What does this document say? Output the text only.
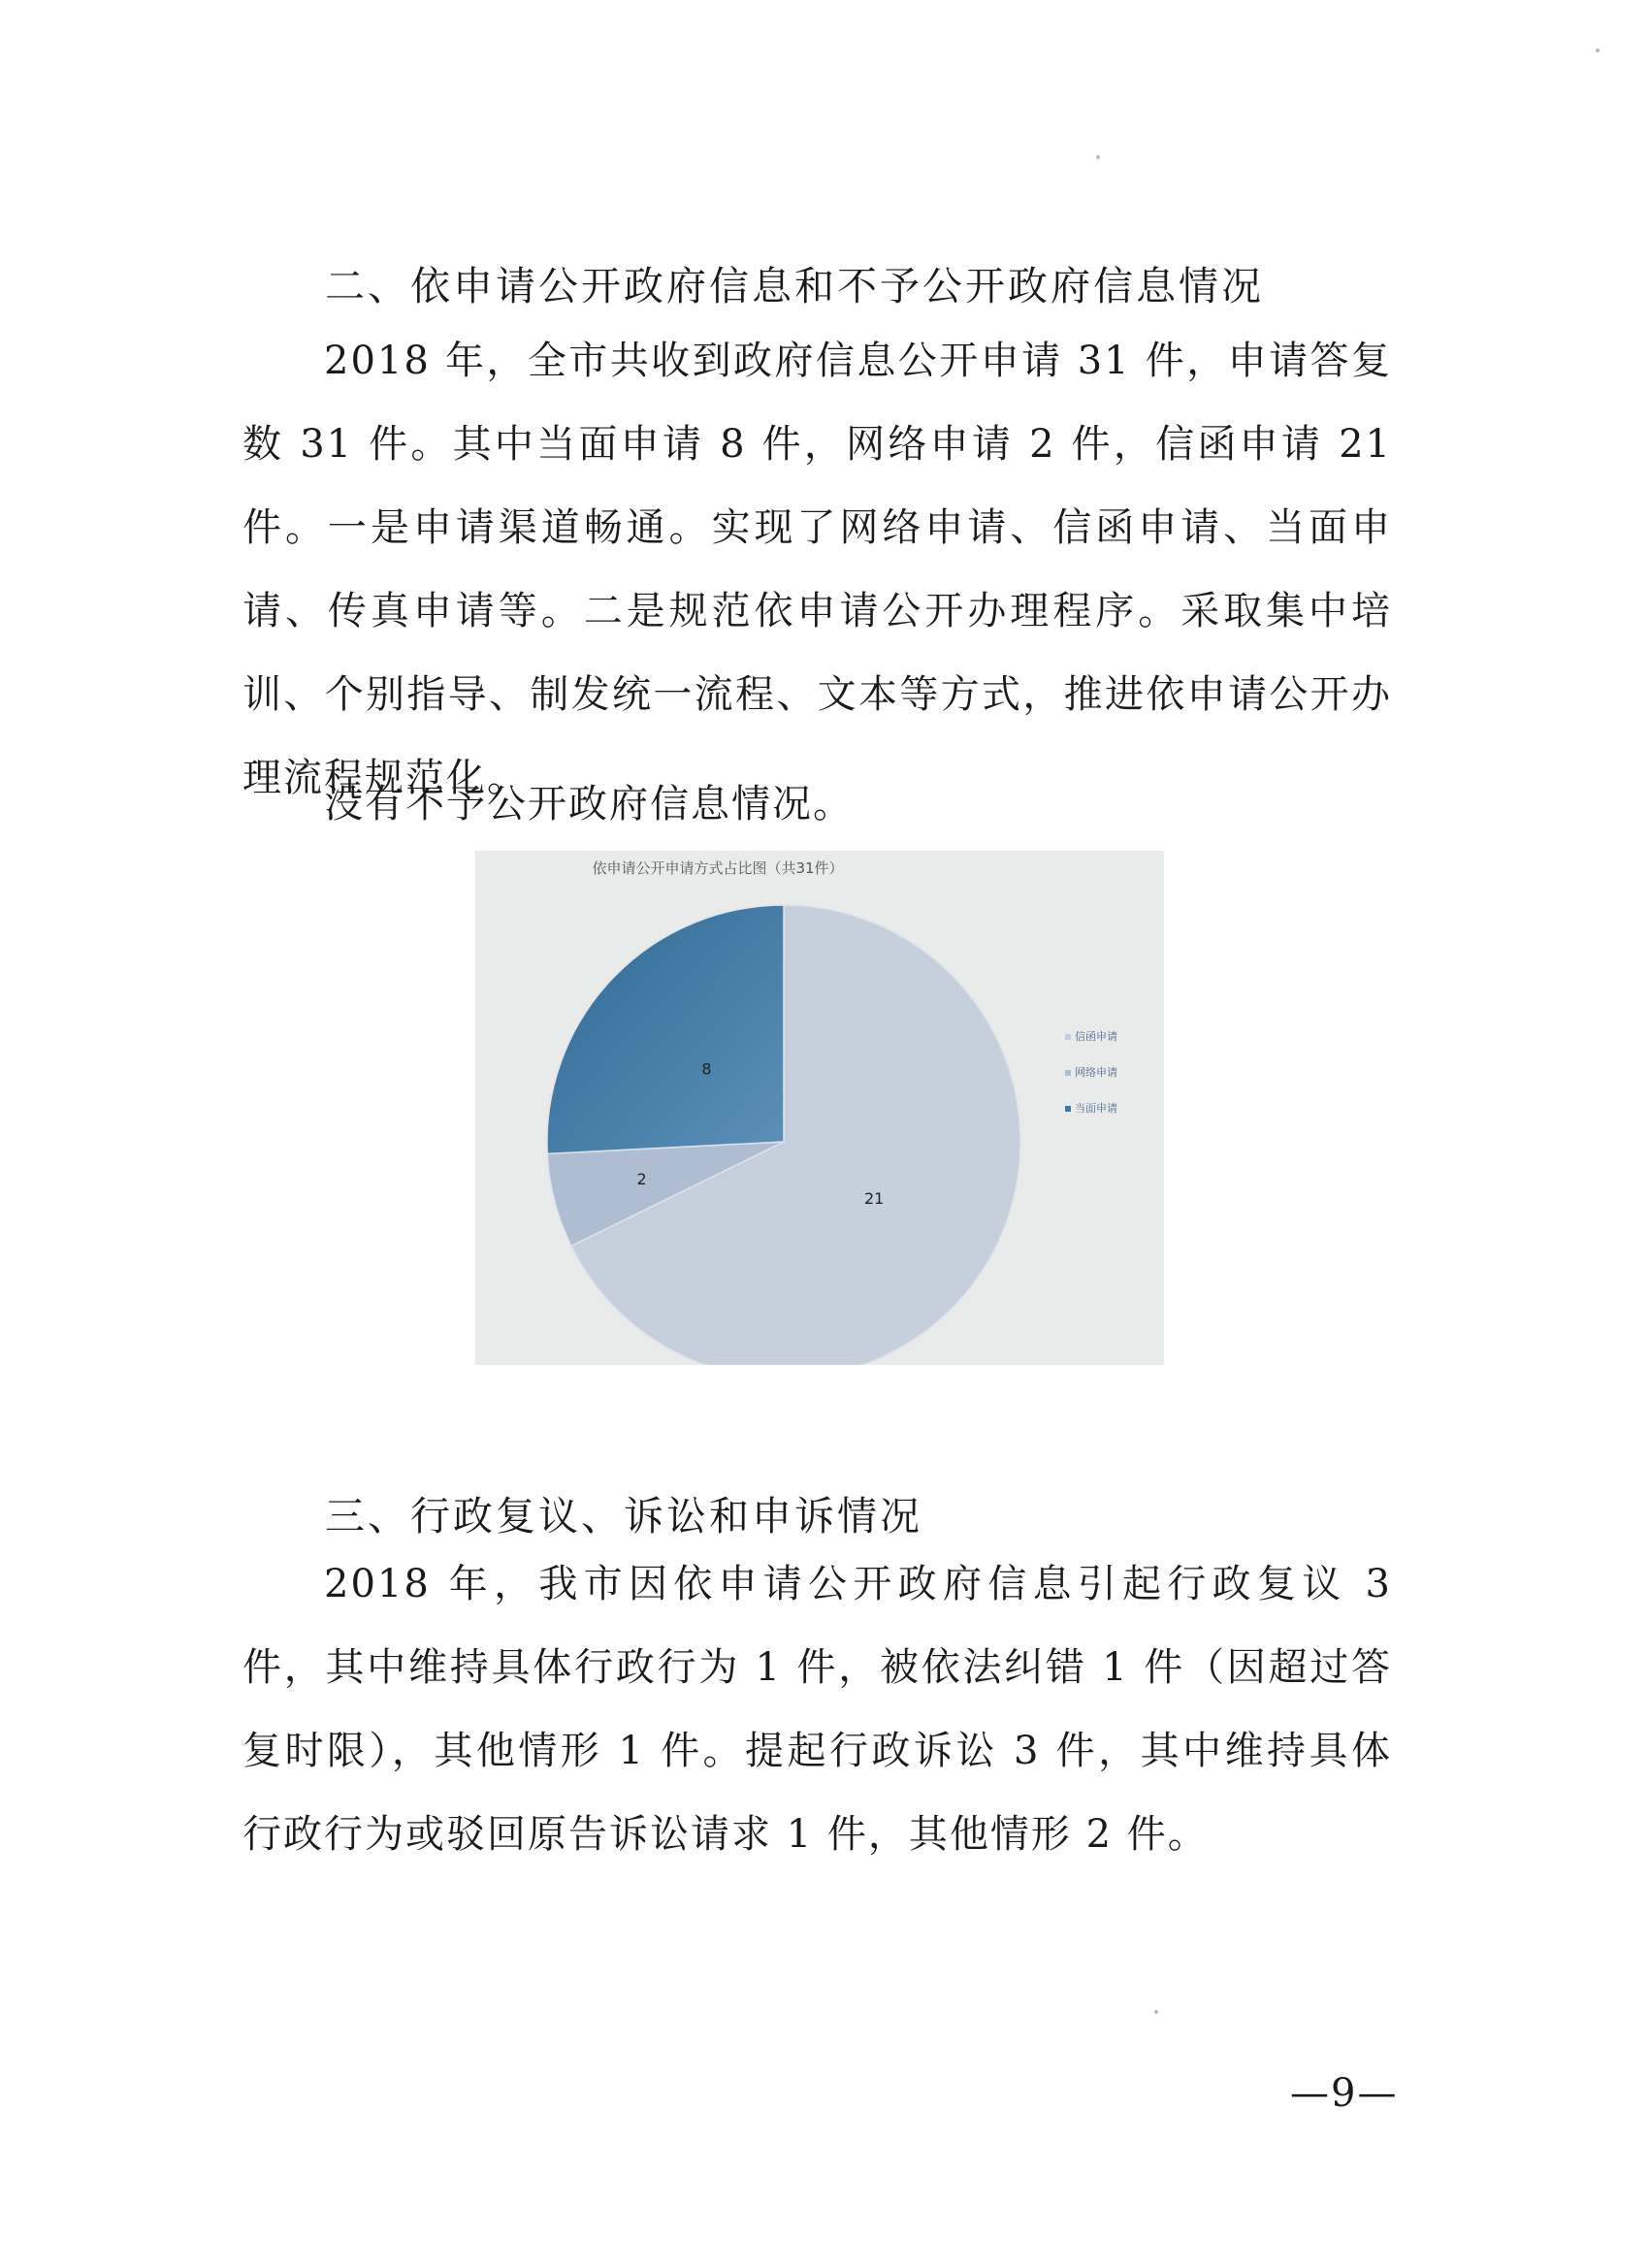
二、依申请公开政府信息和不予公开政府信息情况
2018 年，全市共收到政府信息公开申请 31 件，申请答复数 31 件。其中当面申请 8 件，网络申请 2 件，信函申请 21 件。一是申请渠道畅通。实现了网络申请、信函申请、当面申请、传真申请等。二是规范依申请公开办理程序。采取集中培训、个别指导、制发统一流程、文本等方式，推进依申请公开办理流程规范化。
没有不予公开政府信息情况。
依申请公开申请方式占比图（共31件）
21
2
8
信函申请
网络申请
当面申请
三、行政复议、诉讼和申诉情况
2018 年，我市因依申请公开政府信息引起行政复议 3 件，其中维持具体行政行为 1 件，被依法纠错 1 件（因超过答复时限），其他情形 1 件。提起行政诉讼 3 件，其中维持具体行政行为或驳回原告诉讼请求 1 件，其他情形 2 件。
—9—
